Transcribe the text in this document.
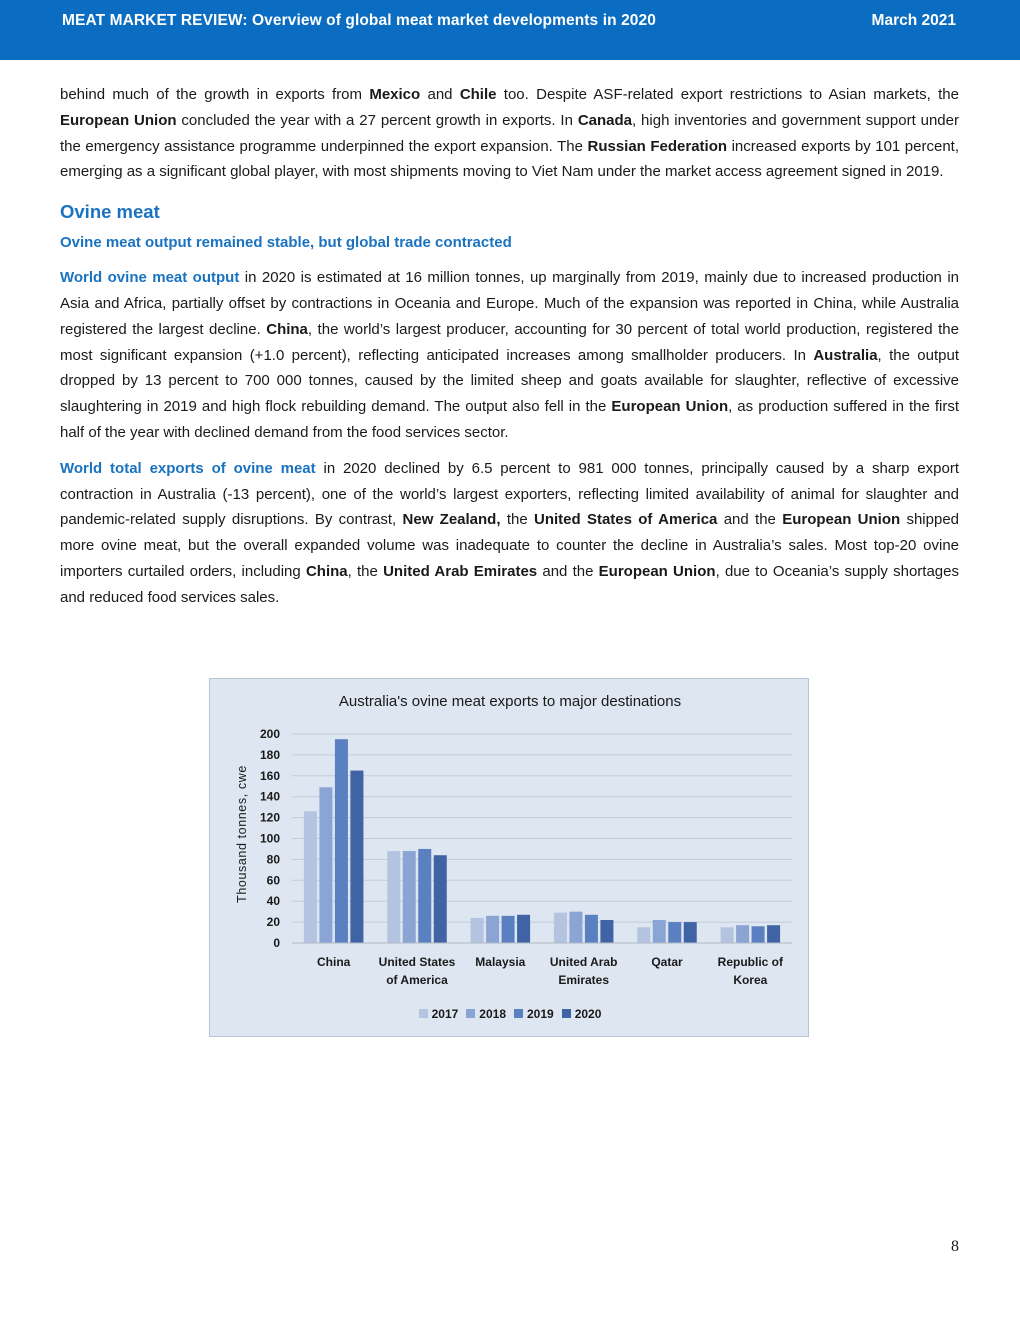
MEAT MARKET REVIEW: Overview of global meat market developments in 2020	March 2021

behind much of the growth in exports from Mexico and Chile too. Despite ASF-related export restrictions to Asian markets, the European Union concluded the year with a 27 percent growth in exports. In Canada, high inventories and government support under the emergency assistance programme underpinned the export expansion. The Russian Federation increased exports by 101 percent, emerging as a significant global player, with most shipments moving to Viet Nam under the market access agreement signed in 2019.

Ovine meat
Ovine meat output remained stable, but global trade contracted

World ovine meat output in 2020 is estimated at 16 million tonnes, up marginally from 2019, mainly due to increased production in Asia and Africa, partially offset by contractions in Oceania and Europe. Much of the expansion was reported in China, while Australia registered the largest decline. China, the world’s largest producer, accounting for 30 percent of total world production, registered the most significant expansion (+1.0 percent), reflecting anticipated increases among smallholder producers. In Australia, the output dropped by 13 percent to 700 000 tonnes, caused by the limited sheep and goats available for slaughter, reflective of excessive slaughtering in 2019 and high flock rebuilding demand. The output also fell in the European Union, as production suffered in the first half of the year with declined demand from the food services sector.

World total exports of ovine meat in 2020 declined by 6.5 percent to 981 000 tonnes, principally caused by a sharp export contraction in Australia (-13 percent), one of the world’s largest exporters, reflecting limited availability of animal for slaughter and pandemic-related supply disruptions. By contrast, New Zealand, the United States of America and the European Union shipped more ovine meat, but the overall expanded volume was inadequate to counter the decline in Australia’s sales. Most top-20 ovine importers curtailed orders, including China, the United Arab Emirates and the European Union, due to Oceania’s supply shortages and reduced food services sales.

Australia's ovine meat exports to major destinations
Thousand tonnes, cwe
0
20
40
60
80
100
120
140
160
180
200
China United States
of America
Malaysia United Arab
Emirates
Qatar	Republic of
Korea
2017 2018 2019 2020
8
